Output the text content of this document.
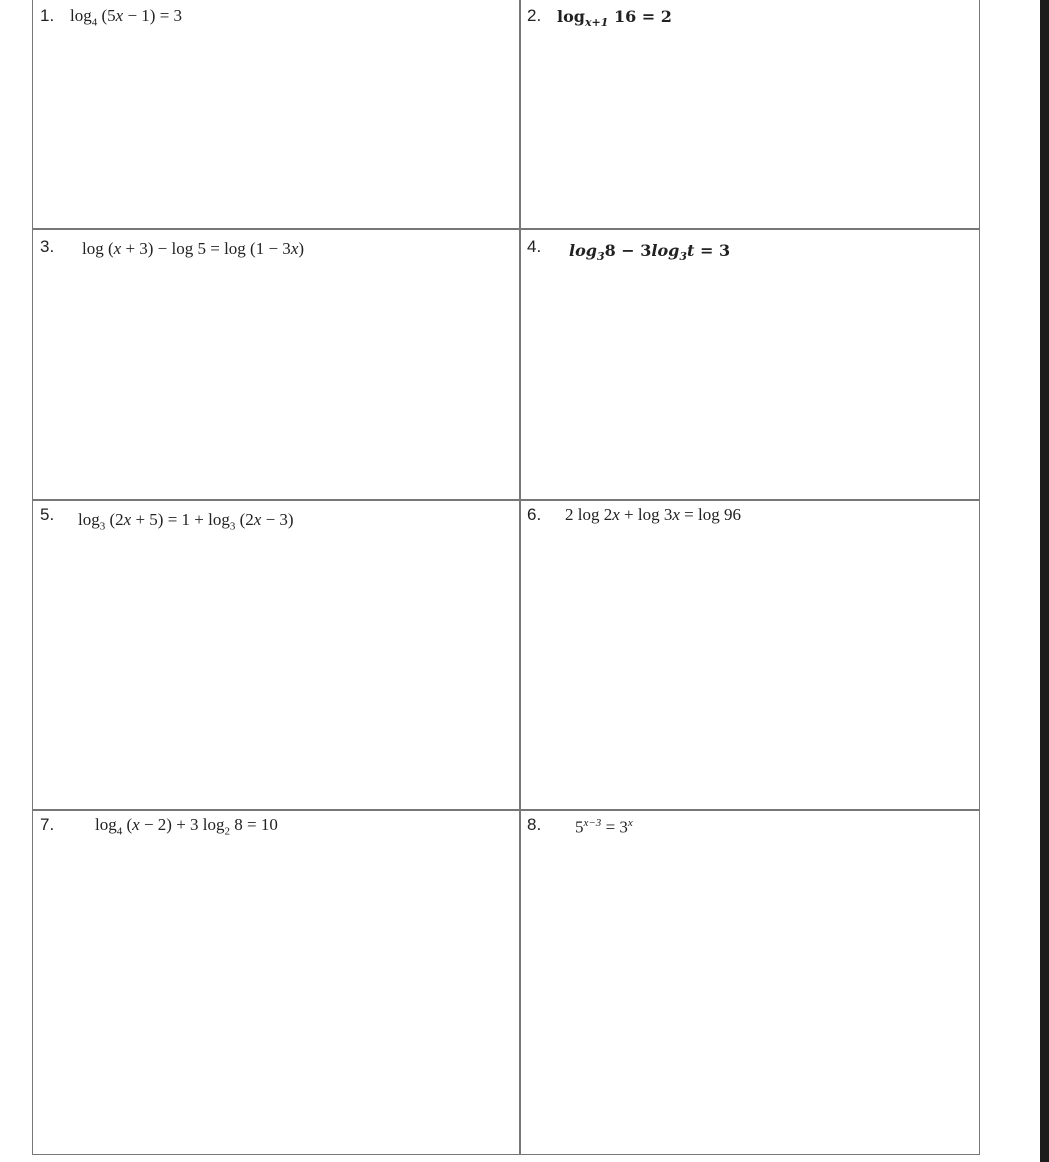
1. $\log_4 (5x - 1) = 3$	2. $\log_{x+1} 16 = 2$
3. log (x + 3) − log 5 = log (1 − 3x)	4. $\log_38 - 3\log_3t = 3$
5. $\log_3 (2x + 5) = 1 + \log_3 (2x - 3)$	6. 2 log 2x + log 3x = log 96
7. $\log_4 (x - 2) + 3$ $\log_2 8 = 10$	8. $5^{x-3} = 3^x$
